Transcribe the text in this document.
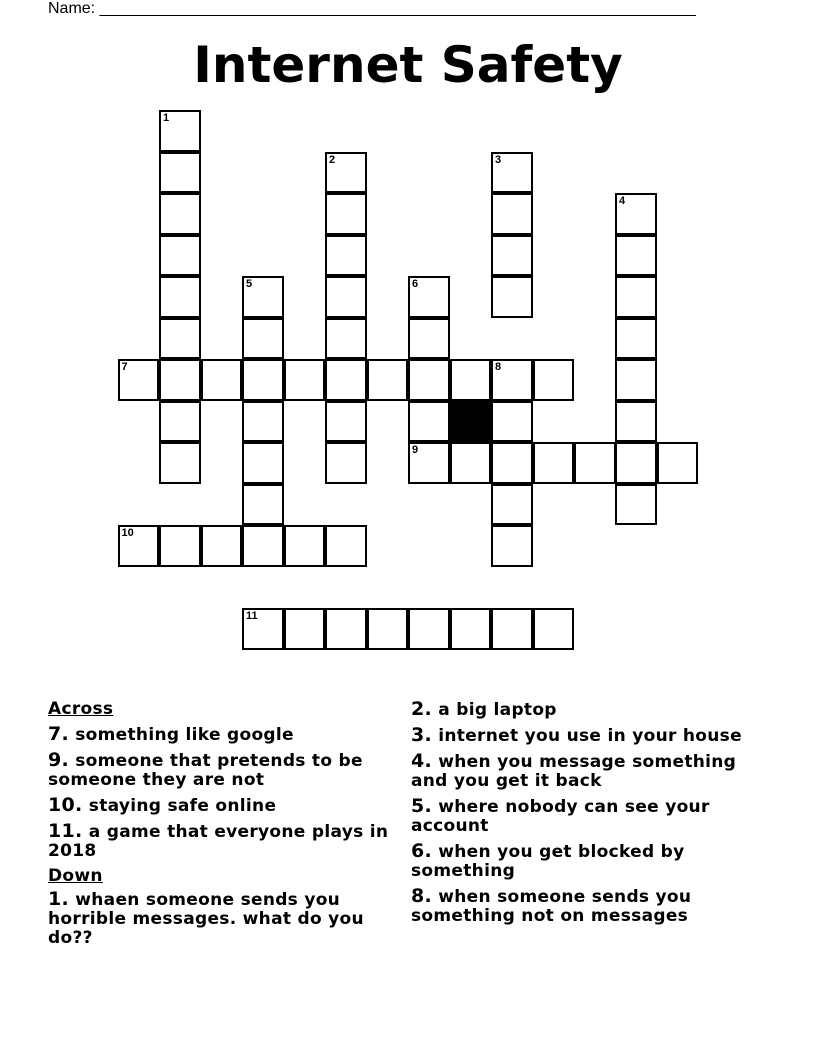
Name: ___________________________________________________________________
Internet Safety
1
2	3
4
5	6
7	8
9
10
11
Across
7. something like google
9. someone that pretends to be someone they are not
10. staying safe online
11. a game that everyone plays in 2018
Down
1. whaen someone sends you horrible messages. what do you do??
2. a big laptop
3. internet you use in your house
4. when you message something and you get it back
5. where nobody can see your account
6. when you get blocked by something
8. when someone sends you something not on messages
